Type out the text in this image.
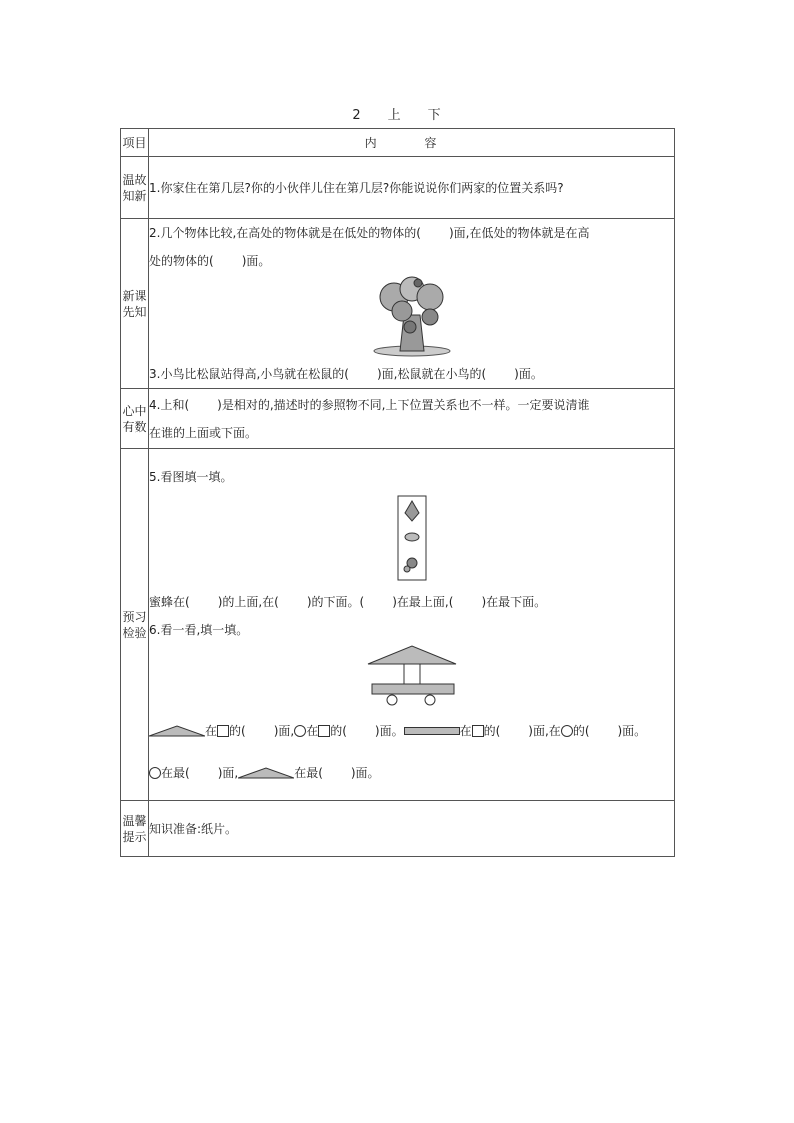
2 上 下
项目	内 容
温故知新	1.你家住在第几层?你的小伙伴儿住在第几层?你能说说你们两家的位置关系吗?

新课先知	2.几个物体比较,在高处的物体就是在低处的物体的( )面,在低处的物体就是在高
处的物体的( )面。
3.小鸟比松鼠站得高,小鸟就在松鼠的( )面,松鼠就在小鸟的( )面。

心中有数	4.上和( )是相对的,描述时的参照物不同,上下位置关系也不一样。一定要说清谁
在谁的上面或下面。

预习检验	5.看图填一填。
蜜蜂在( )的上面,在( )的下面。( )在最上面,( )在最下面。
6.看一看,填一填。
在 的( )面, 在 的( )面。 在 的( )面,在 的( )面。
在最( )面, 在最( )面。

温馨提示	知识准备:纸片。
